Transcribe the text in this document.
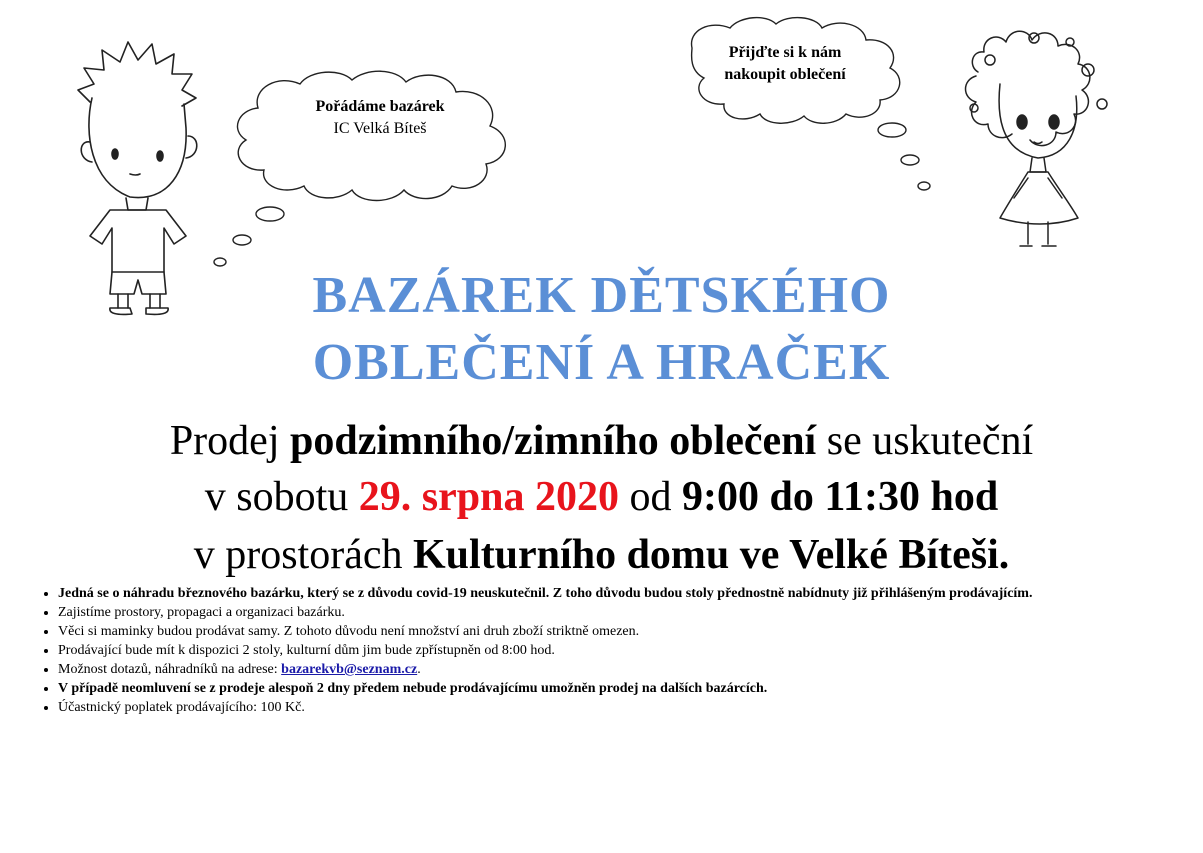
Pořádáme bazárek
IC Velká Bíteš
Přijďte si k nám
nakoupit oblečení
BAZÁREK DĚTSKÉHO
OBLEČENÍ A HRAČEK
Prodej podzimního/zimního oblečení se uskuteční
v sobotu 29. srpna 2020 od 9:00 do 11:30 hod
v prostorách Kulturního domu ve Velké Bíteši.
• Jedná se o náhradu březnového bazárku, který se z důvodu covid-19 neuskutečnil. Z toho důvodu budou stoly přednostně nabídnuty již přihlášeným prodávajícím.
• Zajistíme prostory, propagaci a organizaci bazárku.
• Věci si maminky budou prodávat samy. Z tohoto důvodu není množství ani druh zboží striktně omezen.
• Prodávající bude mít k dispozici 2 stoly, kulturní dům jim bude zpřístupněn od 8:00 hod.
• Možnost dotazů, náhradníků na adrese: bazarekvb@seznam.cz.
• V případě neomluvení se z prodeje alespoň 2 dny předem nebude prodávajícímu umožněn prodej na dalších bazárcích.
• Účastnický poplatek prodávajícího: 100 Kč.
